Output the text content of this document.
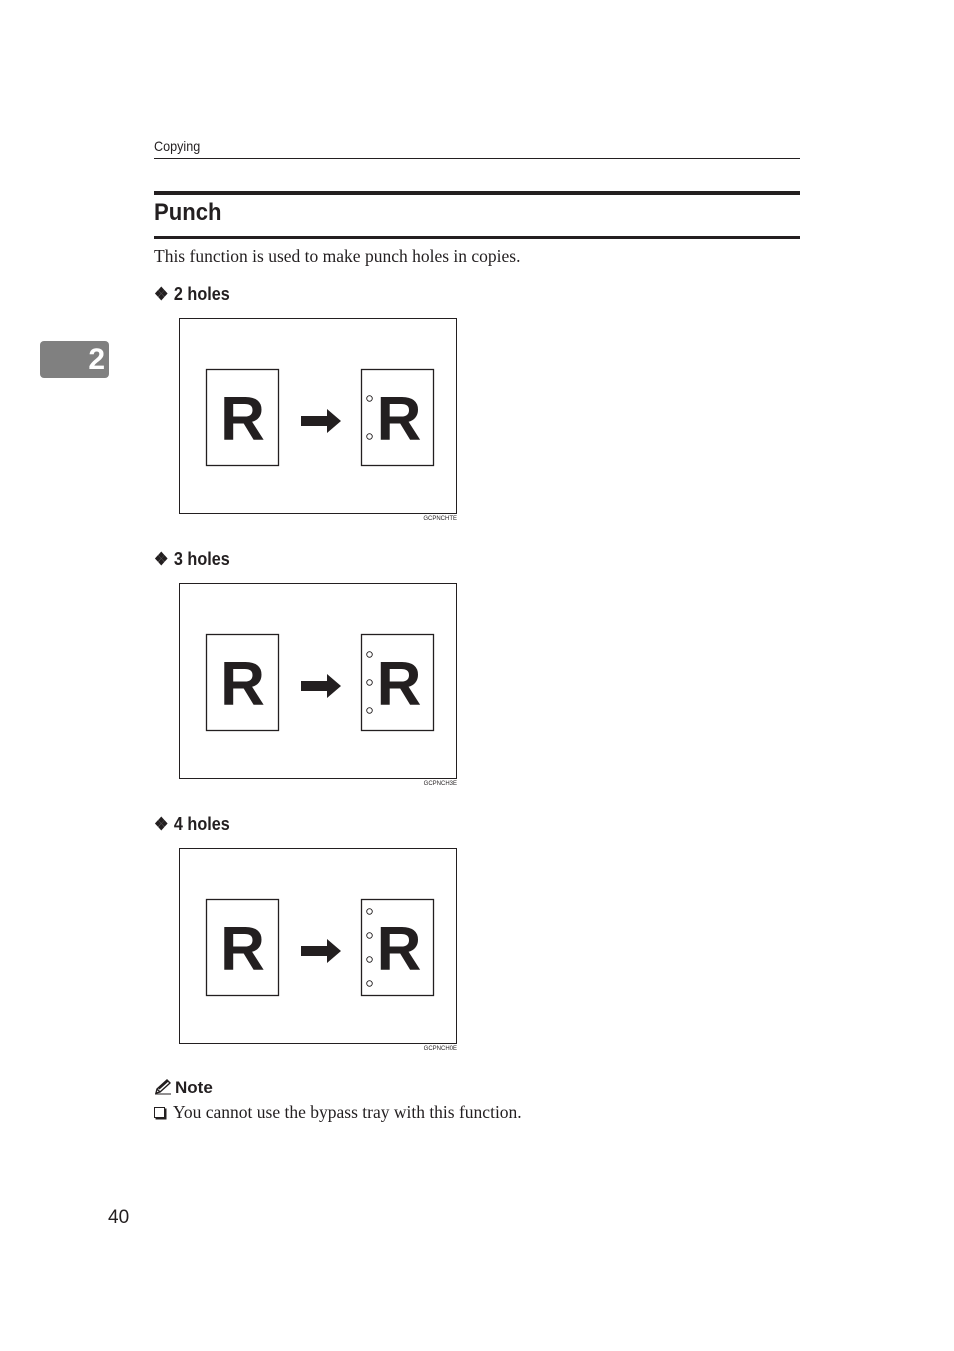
Copying
2
Punch
This function is used to make punch holes in copies.
❖ 2 holes
R R
GCPNCHTE
❖ 3 holes
R R
GCPNCH3E
❖ 4 holes
R R
GCPNCH0E
Note
You cannot use the bypass tray with this function.
40
